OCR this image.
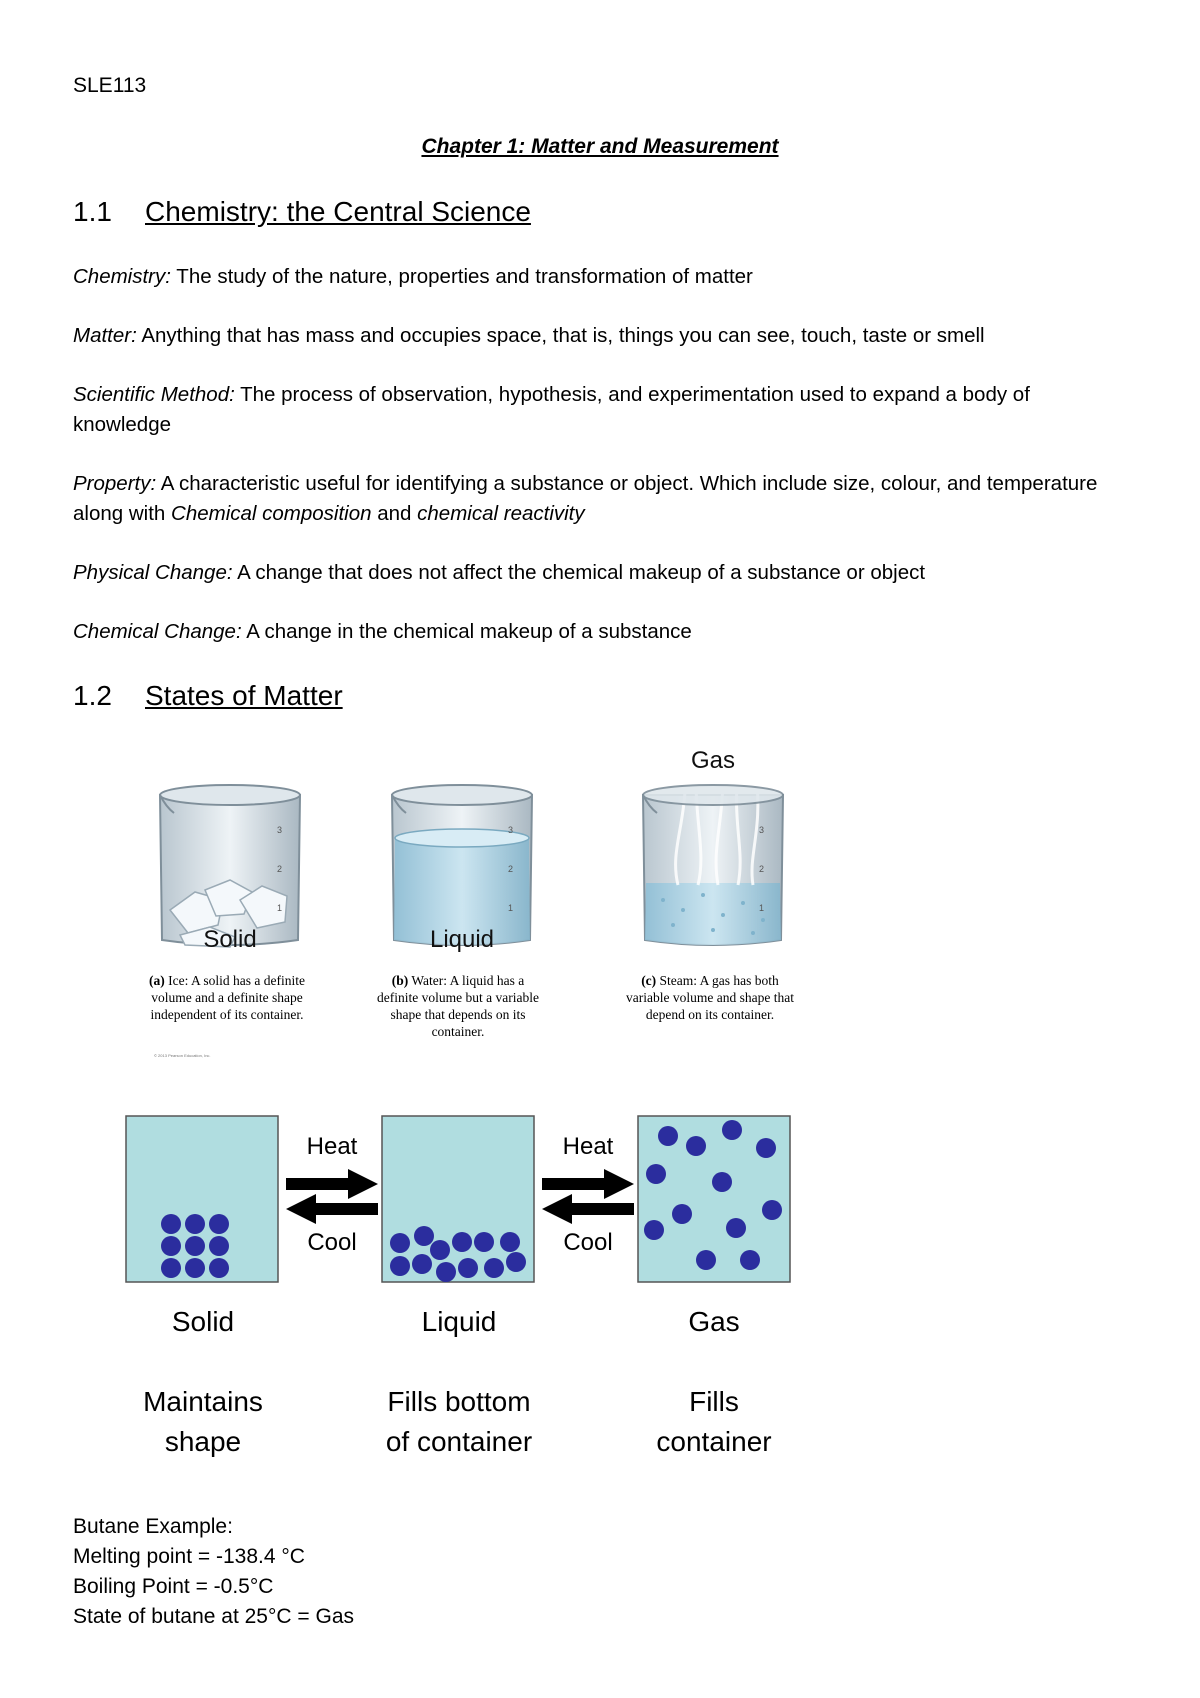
SLE113
Chapter 1: Matter and Measurement
1.1 Chemistry: the Central Science
Chemistry: The study of the nature, properties and transformation of matter
Matter: Anything that has mass and occupies space, that is, things you can see, touch, taste or smell
Scientific Method: The process of observation, hypothesis, and experimentation used to expand a body of knowledge
Property: A characteristic useful for identifying a substance or object. Which include size, colour, and temperature along with Chemical composition and chemical reactivity
Physical Change: A change that does not affect the chemical makeup of a substance or object
Chemical Change: A change in the chemical makeup of a substance
1.2 States of Matter
3
2
1
Solid
3
2
1
Liquid
3
2
1
Gas
© 2013 Pearson Education, Inc.
(a) Ice: A solid has a definite volume and a definite shape independent of its container.
(b) Water: A liquid has a definite volume but a variable shape that depends on its container.
(c) Steam: A gas has both variable volume and shape that depend on its container.
Heat
Cool
Heat
Cool
Solid	Liquid	Gas
Maintains
shape
Fills bottom
of container
Fills
container
Butane Example:
Melting point = -138.4 °C
Boiling Point = -0.5°C
State of butane at 25°C = Gas
